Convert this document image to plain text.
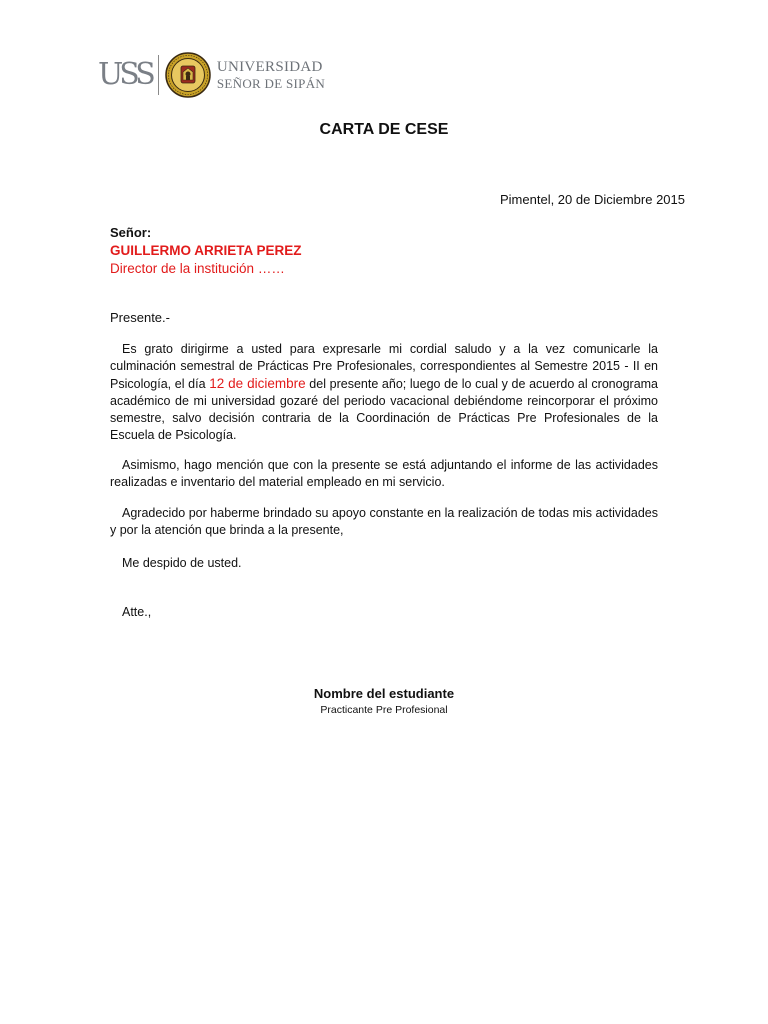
USS	UNIVERSIDAD
SEÑOR DE SIPÁN
CARTA DE CESE
Pimentel, 20 de Diciembre 2015
Señor:
GUILLERMO ARRIETA PEREZ
Director de la institución ……
Presente.-
Es grato dirigirme a usted para expresarle mi cordial saludo y a la vez comunicarle la culminación semestral de Prácticas Pre Profesionales, correspondientes al Semestre 2015 - II en Psicología, el día 12 de diciembre del presente año; luego de lo cual y de acuerdo al cronograma académico de mi universidad gozaré del periodo vacacional debiéndome reincorporar el próximo semestre, salvo decisión contraria de la Coordinación de Prácticas Pre Profesionales de la Escuela de Psicología.
Asimismo, hago mención que con la presente se está adjuntando el informe de las actividades realizadas e inventario del material empleado en mi servicio.
Agradecido por haberme brindado su apoyo constante en la realización de todas mis actividades y por la atención que brinda a la presente,
Me despido de usted.
Atte.,
Nombre del estudiante
Practicante Pre Profesional
